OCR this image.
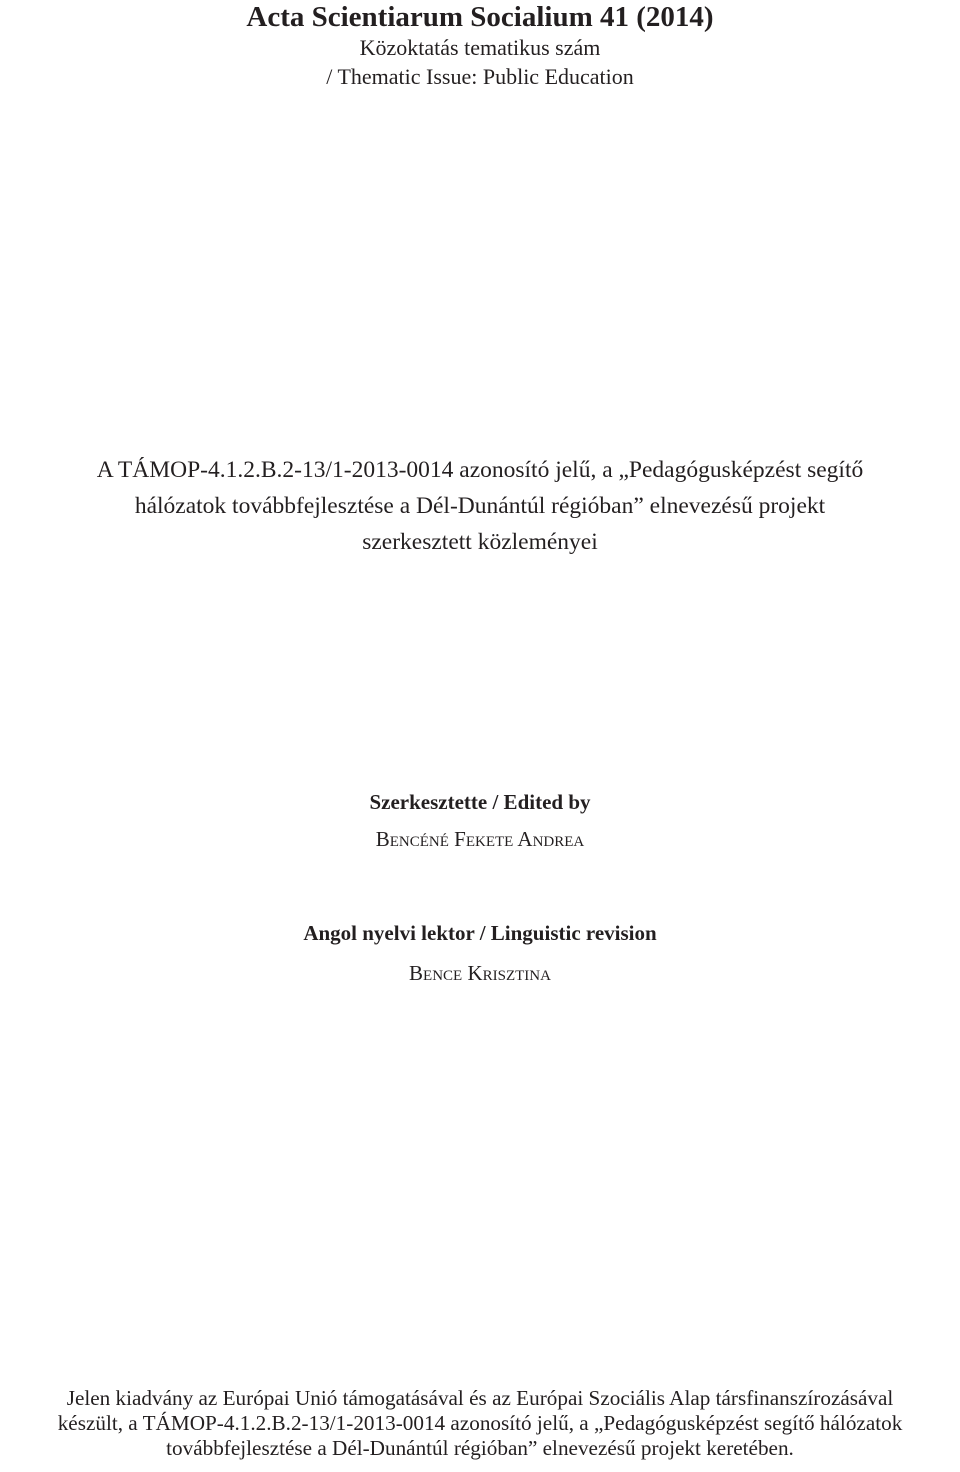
Acta Scientiarum Socialium 41 (2014)
Közoktatás tematikus szám
/ Thematic Issue: Public Education
A TÁMOP-4.1.2.B.2-13/1-2013-0014 azonosító jelű, a „Pedagógusképzést segítő
hálózatok továbbfejlesztése a Dél-Dunántúl régióban” elnevezésű projekt
szerkesztett közleményei
Szerkesztette / Edited by
Bencéné Fekete Andrea
Angol nyelvi lektor / Linguistic revision
Bence Krisztina
Jelen kiadvány az Európai Unió támogatásával és az Európai Szociális Alap társfinanszírozásával
készült, a TÁMOP-4.1.2.B.2-13/1-2013-0014 azonosító jelű, a „Pedagógusképzést segítő hálózatok
továbbfejlesztése a Dél-Dunántúl régióban” elnevezésű projekt keretében.
